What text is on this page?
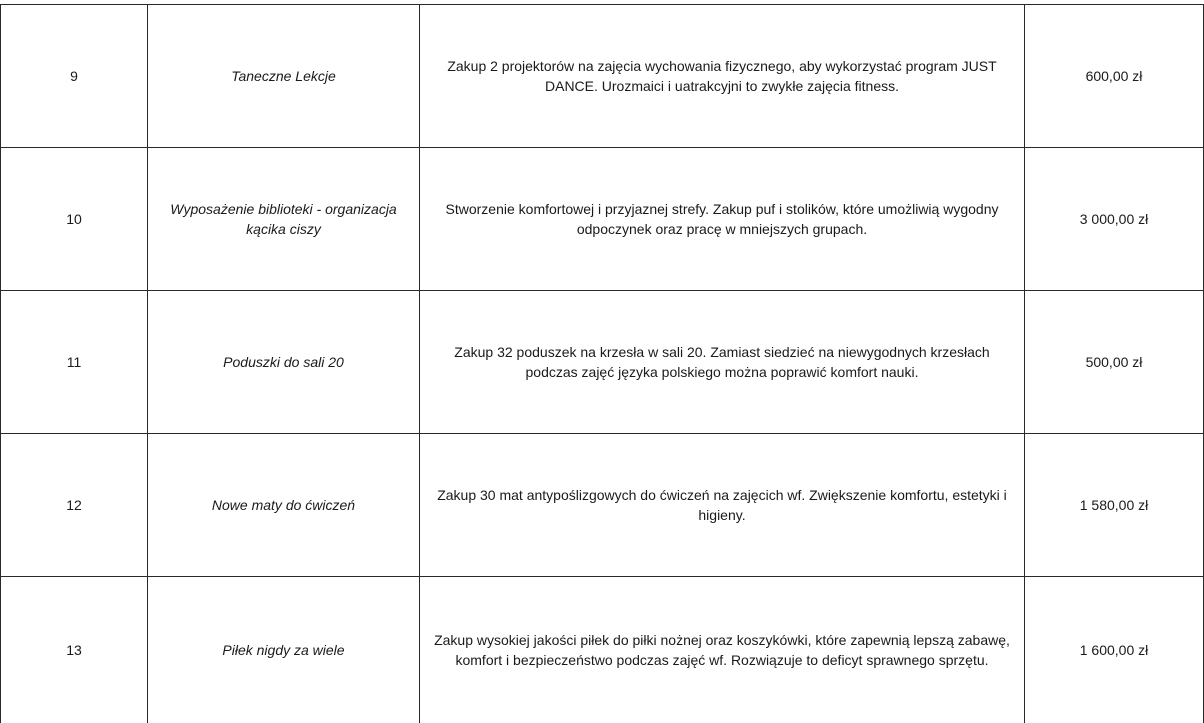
9	Taneczne Lekcje	Zakup 2 projektorów na zajęcia wychowania fizycznego, aby wykorzystać program JUST DANCE. Urozmaici i uatrakcyjni to zwykłe zajęcia fitness.	600,00 zł
10	Wyposażenie biblioteki - organizacja kącika ciszy	Stworzenie komfortowej i przyjaznej strefy. Zakup puf i stolików, które umożliwią wygodny odpoczynek oraz pracę w mniejszych grupach.	3 000,00 zł
11	Poduszki do sali 20	Zakup 32 poduszek na krzesła w sali 20. Zamiast siedzieć na niewygodnych krzesłach podczas zajęć języka polskiego można poprawić komfort nauki.	500,00 zł
12	Nowe maty do ćwiczeń	Zakup 30 mat antypoślizgowych do ćwiczeń na zajęcich wf. Zwiększenie komfortu, estetyki i higieny.	1 580,00 zł
13	Piłek nigdy za wiele	Zakup wysokiej jakości piłek do piłki nożnej oraz koszykówki, które zapewnią lepszą zabawę, komfort i bezpieczeństwo podczas zajęć wf. Rozwiązuje to deficyt sprawnego sprzętu.	1 600,00 zł
